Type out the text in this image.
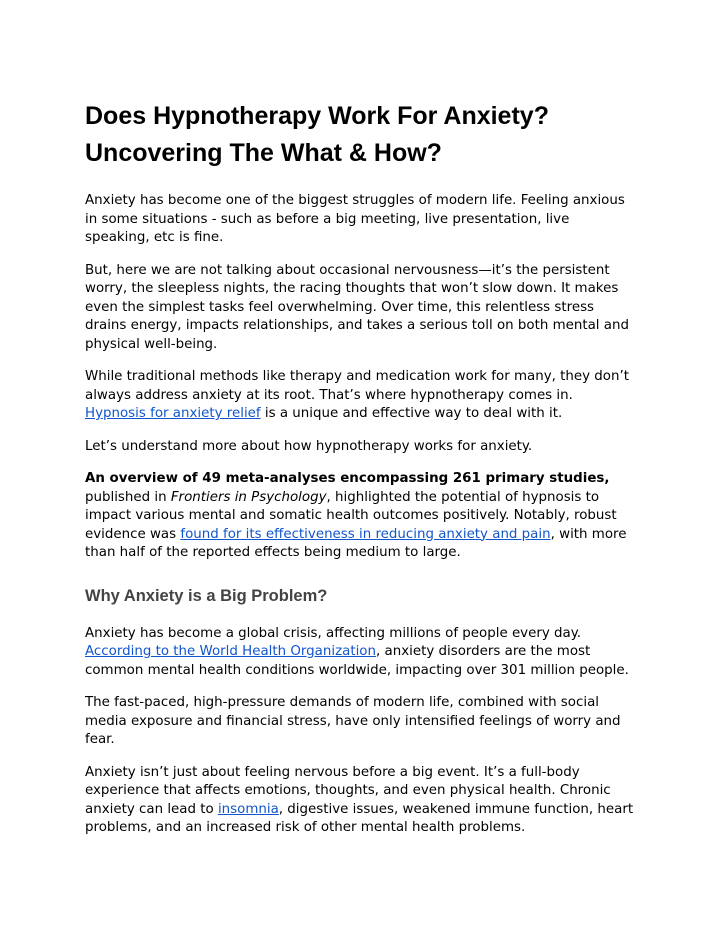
Does Hypnotherapy Work For Anxiety? Uncovering The What & How?

Anxiety has become one of the biggest struggles of modern life. Feeling anxious in some situations - such as before a big meeting, live presentation, live speaking, etc is fine.

But, here we are not talking about occasional nervousness—it’s the persistent worry, the sleepless nights, the racing thoughts that won’t slow down. It makes even the simplest tasks feel overwhelming. Over time, this relentless stress drains energy, impacts relationships, and takes a serious toll on both mental and physical well-being.

While traditional methods like therapy and medication work for many, they don’t always address anxiety at its root. That’s where hypnotherapy comes in. Hypnosis for anxiety relief is a unique and effective way to deal with it.

Let’s understand more about how hypnotherapy works for anxiety.

An overview of 49 meta-analyses encompassing 261 primary studies, published in Frontiers in Psychology, highlighted the potential of hypnosis to impact various mental and somatic health outcomes positively. Notably, robust evidence was found for its effectiveness in reducing anxiety and pain, with more than half of the reported effects being medium to large.

Why Anxiety is a Big Problem?

Anxiety has become a global crisis, affecting millions of people every day. According to the World Health Organization, anxiety disorders are the most common mental health conditions worldwide, impacting over 301 million people.

The fast-paced, high-pressure demands of modern life, combined with social media exposure and financial stress, have only intensified feelings of worry and fear.

Anxiety isn’t just about feeling nervous before a big event. It’s a full-body experience that affects emotions, thoughts, and even physical health. Chronic anxiety can lead to insomnia, digestive issues, weakened immune function, heart problems, and an increased risk of other mental health problems.
